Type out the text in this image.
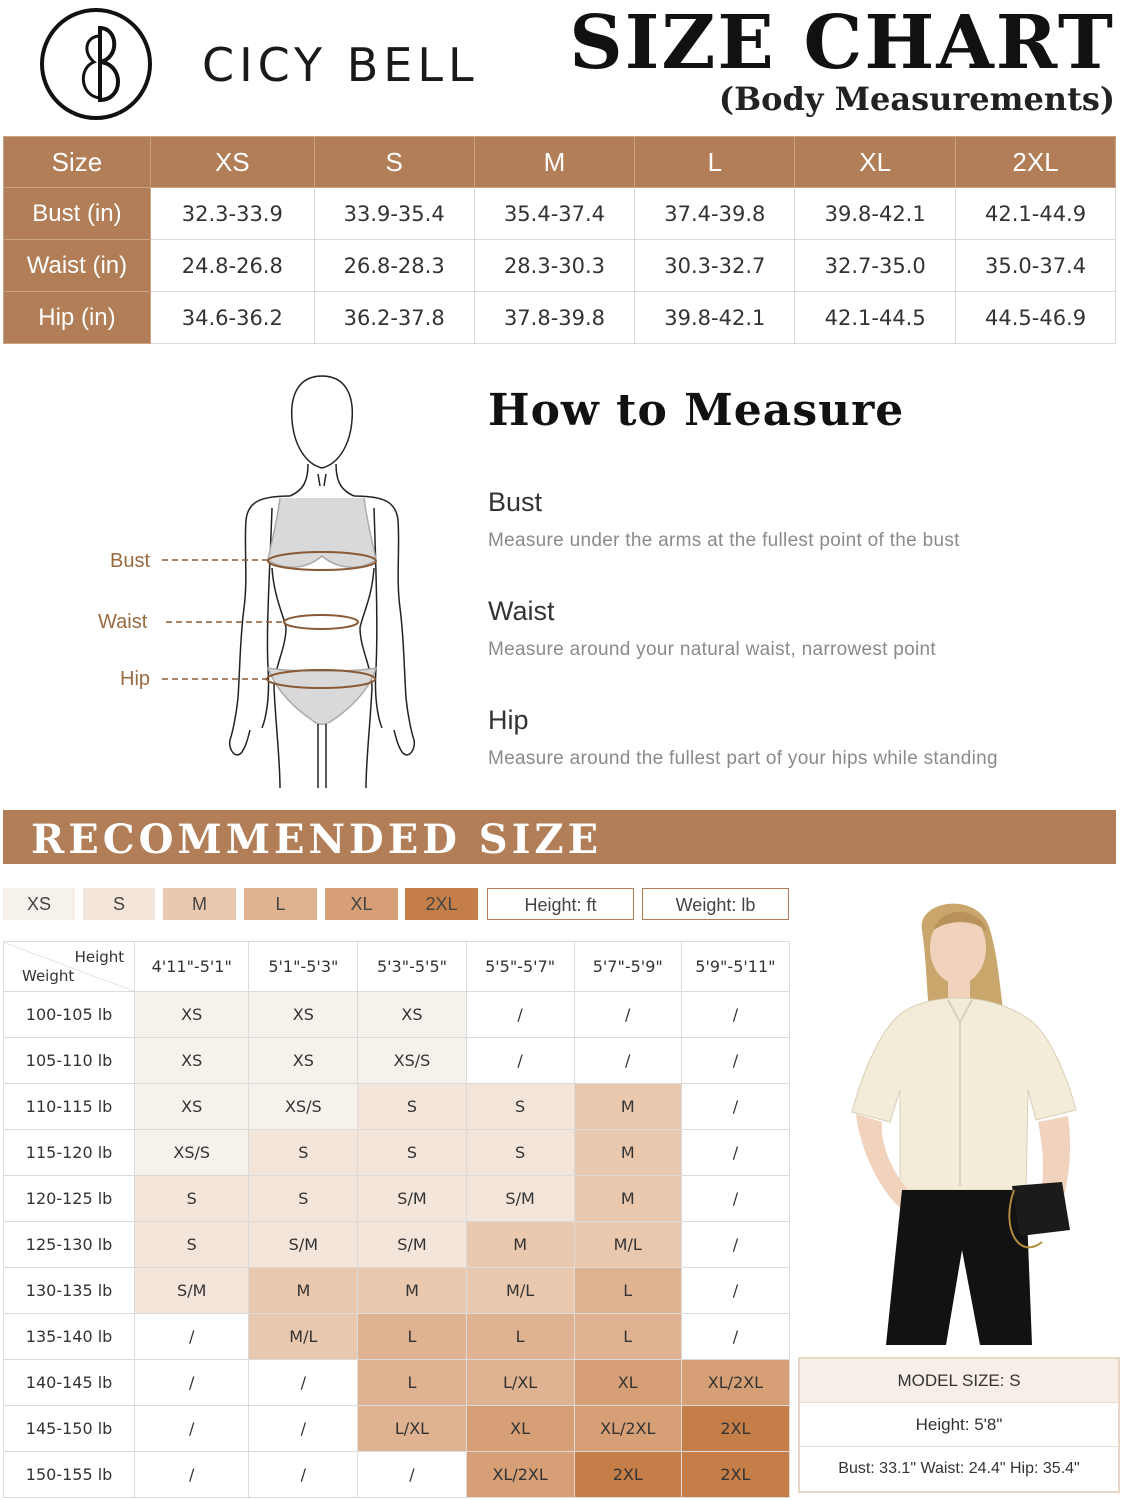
CICY BELL SIZE CHART
(Body Measurements)
Size	XS	S	M	L	XL	2XL
Bust (in)	32.3-33.9	33.9-35.4	35.4-37.4	37.4-39.8	39.8-42.1	42.1-44.9
Waist (in)	24.8-26.8	26.8-28.3	28.3-30.3	30.3-32.7	32.7-35.0	35.0-37.4
Hip (in)	34.6-36.2	36.2-37.8	37.8-39.8	39.8-42.1	42.1-44.5	44.5-46.9
Bust
Waist
Hip
How to Measure
Bust
Measure under the arms at the fullest point of the bust
Waist
Measure around your natural waist, narrowest point
Hip
Measure around the fullest part of your hips while standing
RECOMMENDED SIZE
XS	S	M	L	XL	2XL	Height: ft	Weight: lb
Height
Weight	4'11"-5'1"	5'1"-5'3"	5'3"-5'5"	5'5"-5'7"	5'7"-5'9"	5'9"-5'11"
100-105 lb	XS	XS	XS	/	/	/
105-110 lb	XS	XS	XS/S	/	/	/
110-115 lb	XS	XS/S	S	S	M	/
115-120 lb	XS/S	S	S	S	M	/
120-125 lb	S	S	S/M	S/M	M	/
125-130 lb	S	S/M	S/M	M	M/L	/
130-135 lb	S/M	M	M	M/L	L	/
135-140 lb	/	M/L	L	L	L	/
140-145 lb	/	/	L	L/XL	XL	XL/2XL
145-150 lb	/	/	L/XL	XL	XL/2XL	2XL
150-155 lb	/	/	/	XL/2XL	2XL	2XL
MODEL SIZE: S
Height: 5'8"
Bust: 33.1" Waist: 24.4" Hip: 35.4"
